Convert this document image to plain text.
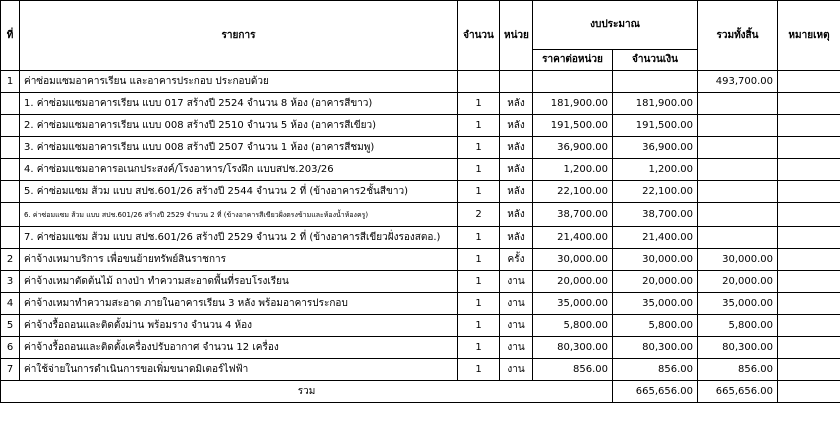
ที่	รายการ	จำนวน	หน่วย	งบประมาณ		รวมทั้งสิ้น	หมายเหตุ
				ราคาต่อหน่วย	จำนวนเงิน		
1	ค่าซ่อมแซมอาคารเรียน และอาคารประกอบ ประกอบด้วย					493,700.00	
	1. ค่าซ่อมแซมอาคารเรียน แบบ 017 สร้างปี 2524 จำนวน 8 ห้อง (อาคารสีขาว)	1	หลัง	181,900.00	181,900.00		
	2. ค่าซ่อมแซมอาคารเรียน แบบ 008 สร้างปี 2510 จำนวน 5 ห้อง (อาคารสีเขียว)	1	หลัง	191,500.00	191,500.00		
	3. ค่าซ่อมแซมอาคารเรียน แบบ 008 สร้างปี 2507 จำนวน 1 ห้อง (อาคารสีชมพู)	1	หลัง	36,900.00	36,900.00		
	4. ค่าซ่อมแซมอาคารอเนกประสงค์/โรงอาหาร/โรงฝึก แบบสปช.203/26	1	หลัง	1,200.00	1,200.00		
	5. ค่าซ่อมแซม ส้วม แบบ สปช.601/26 สร้างปี 2544 จำนวน 2 ที่ (ข้างอาคาร2ชั้นสีขาว)	1	หลัง	22,100.00	22,100.00		
	6. ค่าซ่อมแซม ส้วม แบบ สปช.601/26 สร้างปี 2529 จำนวน 2 ที่ (ข้างอาคารสีเขียวฝั่งตรงข้ามและห้องน้ำห้องครู)	2	หลัง	38,700.00	38,700.00		
	7. ค่าซ่อมแซม ส้วม แบบ สปช.601/26 สร้างปี 2529 จำนวน 2 ที่ (ข้างอาคารสีเขียวฝั่งรองสตอ.)	1	หลัง	21,400.00	21,400.00		
2	ค่าจ้างเหมาบริการ เพื่อขนย้ายทรัพย์สินราชการ	1	ครั้ง	30,000.00	30,000.00	30,000.00	
3	ค่าจ้างเหมาตัดต้นไม้ ถางป่า ทำความสะอาดพื้นที่รอบโรงเรียน	1	งาน	20,000.00	20,000.00	20,000.00	
4	ค่าจ้างเหมาทำความสะอาด ภายในอาคารเรียน 3 หลัง พร้อมอาคารประกอบ	1	งาน	35,000.00	35,000.00	35,000.00	
5	ค่าจ้างรื้อถอนและติดตั้งม่าน พร้อมราง จำนวน 4 ห้อง	1	งาน	5,800.00	5,800.00	5,800.00	
6	ค่าจ้างรื้อถอนและติดตั้งเครื่องปรับอากาศ จำนวน 12 เครื่อง	1	งาน	80,300.00	80,300.00	80,300.00	
7	ค่าใช้จ่ายในการดำเนินการขอเพิ่มขนาดมิเตอร์ไฟฟ้า	1	งาน	856.00	856.00	856.00	
รวม					665,656.00	665,656.00	
